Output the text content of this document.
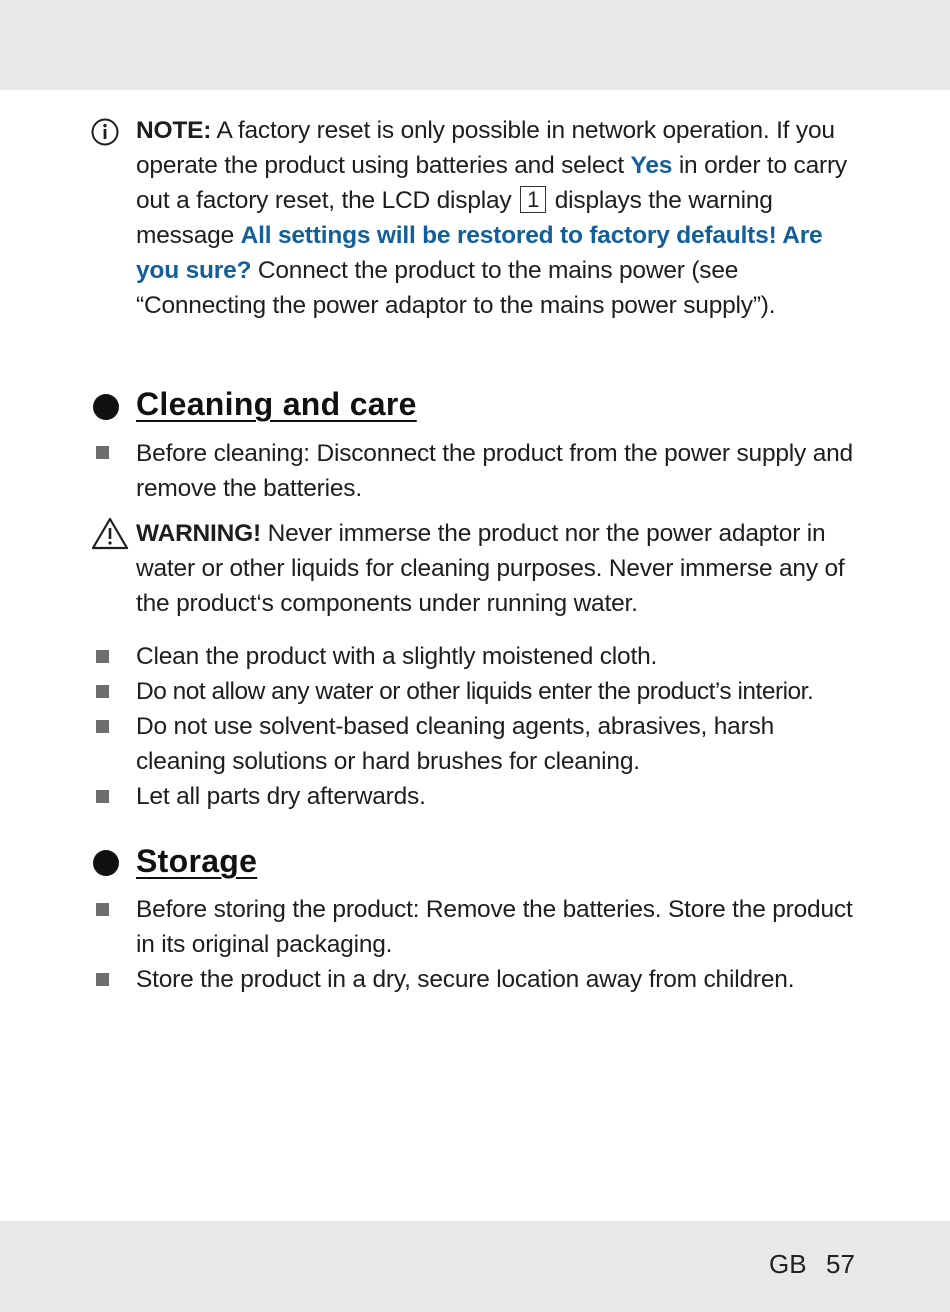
NOTE: A factory reset is only possible in network operation. If you operate the product using batteries and select Yes in order to carry out a factory reset, the LCD display 1 displays the warning message All settings will be restored to factory defaults! Are you sure? Connect the product to the mains power (see “Connecting the power adaptor to the mains power supply”).
Cleaning and care
Before cleaning: Disconnect the product from the power supply and remove the batteries.
WARNING! Never immerse the product nor the power adaptor in water or other liquids for cleaning purposes. Never immerse any of the product‘s components under running water.
Clean the product with a slightly moistened cloth.
Do not allow any water or other liquids enter the product’s interior.
Do not use solvent-based cleaning agents, abrasives, harsh cleaning solutions or hard brushes for cleaning.
Let all parts dry afterwards.
Storage
Before storing the product: Remove the batteries. Store the product in its original packaging.
Store the product in a dry, secure location away from children.
GB 57
